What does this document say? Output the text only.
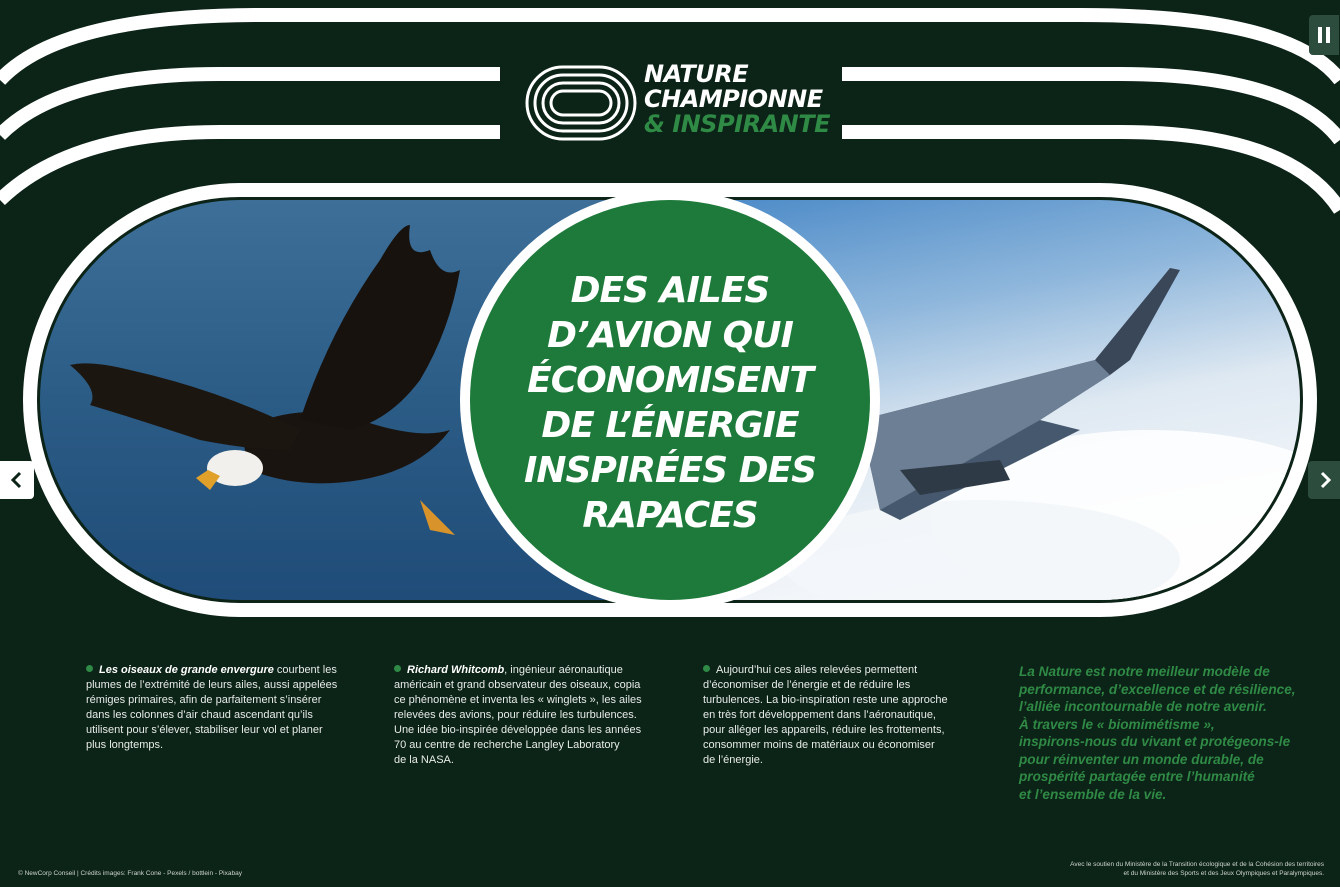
NATURE
CHAMPIONNE
& INSPIRANTE
DES AILES
D’AVION QUI
ÉCONOMISENT
DE L’ÉNERGIE
INSPIRÉES DES
RAPACES
Les oiseaux de grande envergure courbent les
plumes de l’extrémité de leurs ailes, aussi appelées
rémiges primaires, afin de parfaitement s’insérer
dans les colonnes d’air chaud ascendant qu’ils
utilisent pour s’élever, stabiliser leur vol et planer
plus longtemps.
Richard Whitcomb, ingénieur aéronautique
américain et grand observateur des oiseaux, copia
ce phénomène et inventa les « winglets », les ailes
relevées des avions, pour réduire les turbulences.
Une idée bio-inspirée développée dans les années
70 au centre de recherche Langley Laboratory
de la NASA.
Aujourd’hui ces ailes relevées permettent
d’économiser de l’énergie et de réduire les
turbulences. La bio-inspiration reste une approche
en très fort développement dans l’aéronautique,
pour alléger les appareils, réduire les frottements,
consommer moins de matériaux ou économiser
de l’énergie.
La Nature est notre meilleur modèle de
performance, d’excellence et de résilience,
l’alliée incontournable de notre avenir.
À travers le « biomimétisme »,
inspirons-nous du vivant et protégeons-le
pour réinventer un monde durable, de
prospérité partagée entre l’humanité
et l’ensemble de la vie.
© NewCorp Conseil | Crédits images: Frank Cone - Pexels / bottlein - Pixabay
Avec le soutien du Ministère de la Transition écologique et de la Cohésion des territoires
et du Ministère des Sports et des Jeux Olympiques et Paralympiques.
